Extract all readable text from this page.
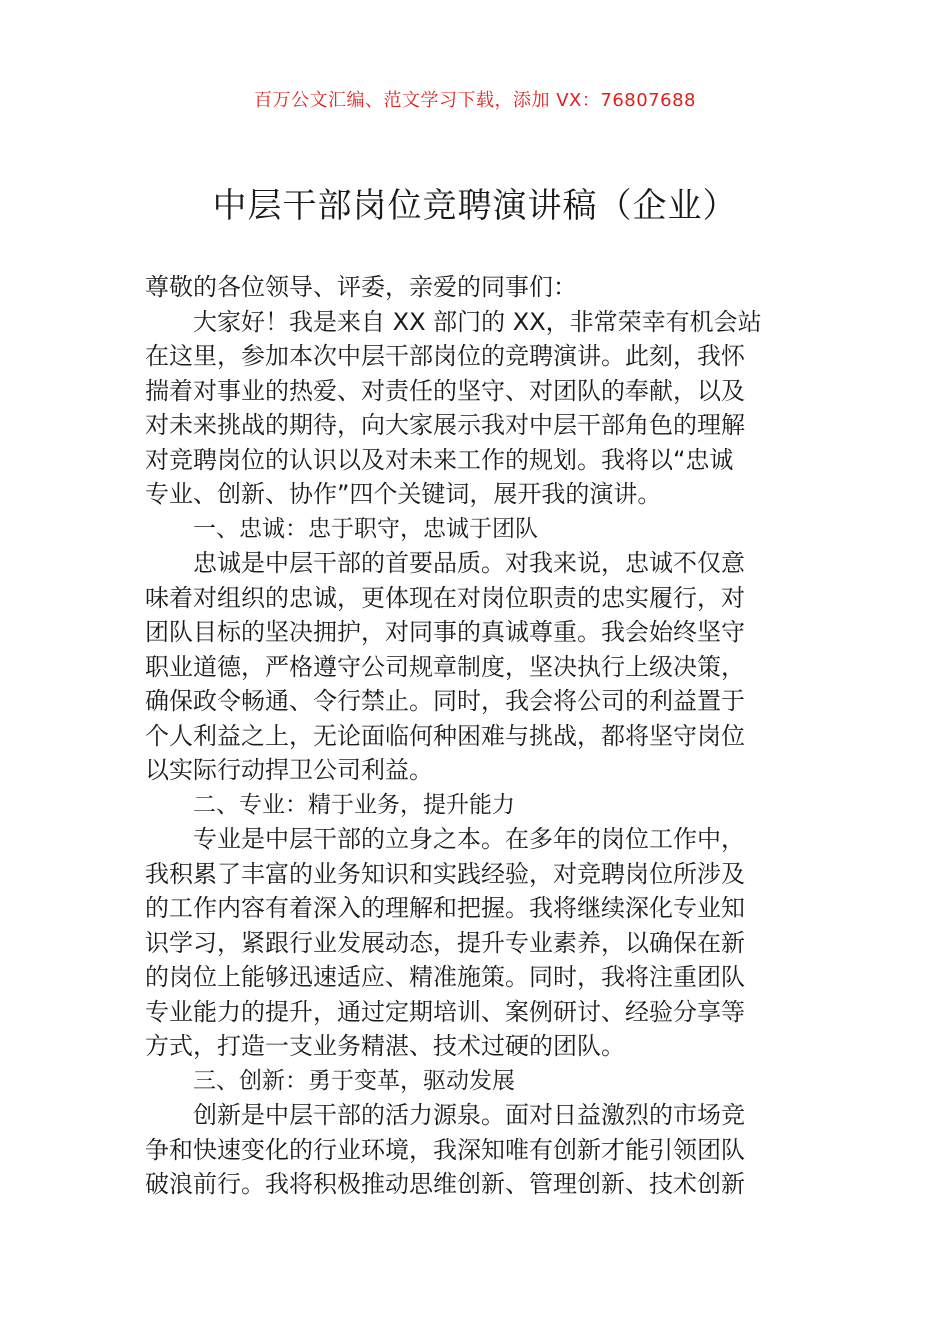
百万公文汇编、范文学习下载，添加 VX：76807688
中层干部岗位竞聘演讲稿（企业）
尊敬的各位领导、评委，亲爱的同事们：
大家好！我是来自 XX 部门的 XX，非常荣幸有机会站
在这里，参加本次中层干部岗位的竞聘演讲。此刻，我怀
揣着对事业的热爱、对责任的坚守、对团队的奉献，以及
对未来挑战的期待，向大家展示我对中层干部角色的理解
对竞聘岗位的认识以及对未来工作的规划。我将以“忠诚
专业、创新、协作”四个关键词，展开我的演讲。
一、忠诚：忠于职守，忠诚于团队
忠诚是中层干部的首要品质。对我来说，忠诚不仅意
味着对组织的忠诚，更体现在对岗位职责的忠实履行，对
团队目标的坚决拥护，对同事的真诚尊重。我会始终坚守
职业道德，严格遵守公司规章制度，坚决执行上级决策，
确保政令畅通、令行禁止。同时，我会将公司的利益置于
个人利益之上，无论面临何种困难与挑战，都将坚守岗位
以实际行动捍卫公司利益。
二、专业：精于业务，提升能力
专业是中层干部的立身之本。在多年的岗位工作中，
我积累了丰富的业务知识和实践经验，对竞聘岗位所涉及
的工作内容有着深入的理解和把握。我将继续深化专业知
识学习，紧跟行业发展动态，提升专业素养，以确保在新
的岗位上能够迅速适应、精准施策。同时，我将注重团队
专业能力的提升，通过定期培训、案例研讨、经验分享等
方式，打造一支业务精湛、技术过硬的团队。
三、创新：勇于变革，驱动发展
创新是中层干部的活力源泉。面对日益激烈的市场竞
争和快速变化的行业环境，我深知唯有创新才能引领团队
破浪前行。我将积极推动思维创新、管理创新、技术创新
